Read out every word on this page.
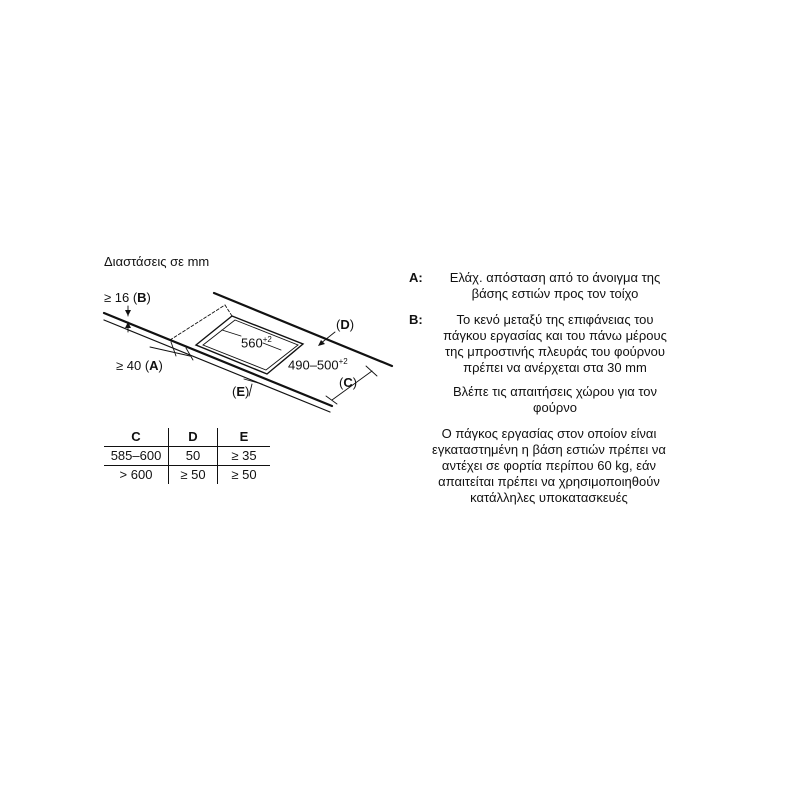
Διαστάσεις σε mm
≥ 16 (B)
≥ 40 (A)
(D)
(C)
(E)
$560^{+2}$
$490-500^{+2}$
C	D	E
585–600	50	≥ 35
> 600	≥ 50	≥ 50
A:	Ελάχ. απόσταση από το άνοιγμα της
βάσης εστιών προς τον τοίχο
B:	Το κενό μεταξύ της επιφάνειας του
πάγκου εργασίας και του πάνω μέρους
της μπροστινής πλευράς του φούρνου
πρέπει να ανέρχεται στα 30 mm
Βλέπε τις απαιτήσεις χώρου για τον
φούρνο
Ο πάγκος εργασίας στον οποίον είναι
εγκαταστημένη η βάση εστιών πρέπει να
αντέχει σε φορτία περίπου 60 kg, εάν
απαιτείται πρέπει να χρησιμοποιηθούν
κατάλληλες υποκατασκευές
